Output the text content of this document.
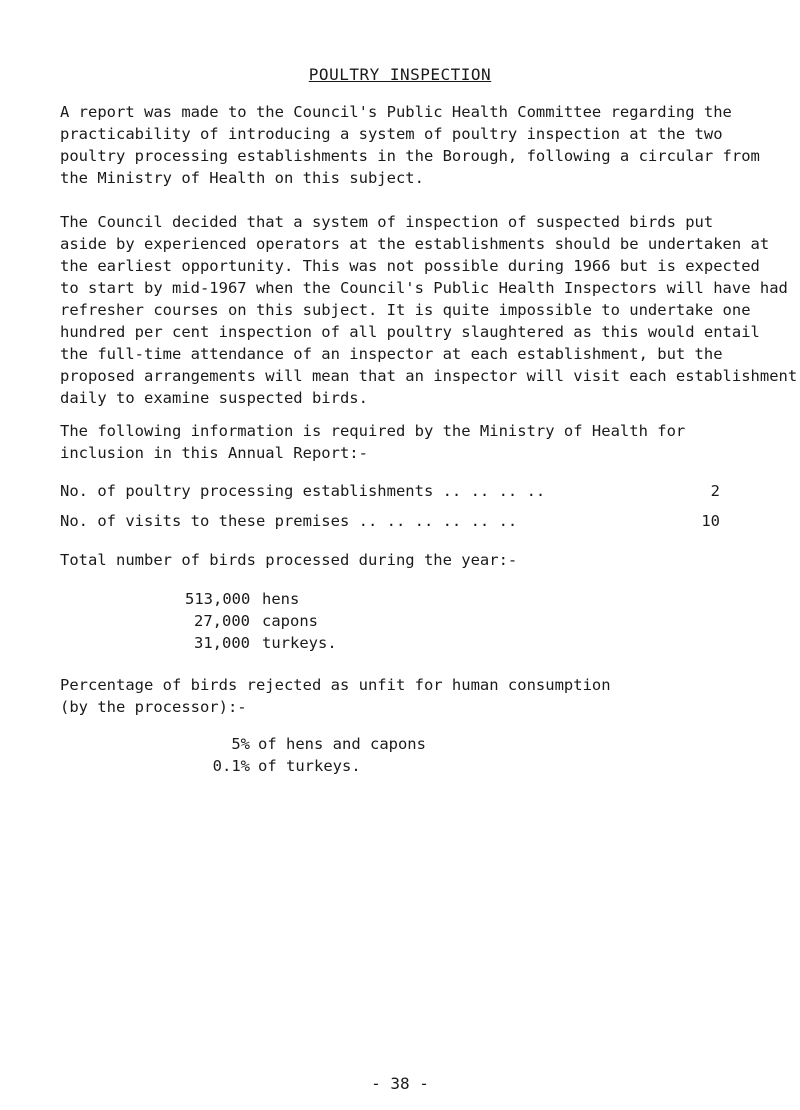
POULTRY INSPECTION
A report was made to the Council's Public Health Committee regarding the
practicability of introducing a system of poultry inspection at the two
poultry processing establishments in the Borough, following a circular from
the Ministry of Health on this subject.
The Council decided that a system of inspection of suspected birds put
aside by experienced operators at the establishments should be undertaken at
the earliest opportunity. This was not possible during 1966 but is expected
to start by mid-1967 when the Council's Public Health Inspectors will have had
refresher courses on this subject. It is quite impossible to undertake one
hundred per cent inspection of all poultry slaughtered as this would entail
the full-time attendance of an inspector at each establishment, but the
proposed arrangements will mean that an inspector will visit each establishment
daily to examine suspected birds.
The following information is required by the Ministry of Health for
inclusion in this Annual Report:-
No. of poultry processing establishments .. .. .. ..	2
No. of visits to these premises .. .. .. .. .. ..	10
Total number of birds processed during the year:-
513,000 hens
27,000 capons
31,000 turkeys.
Percentage of birds rejected as unfit for human consumption
(by the processor):-
5% of hens and capons
0.1% of turkeys.
- 38 -
